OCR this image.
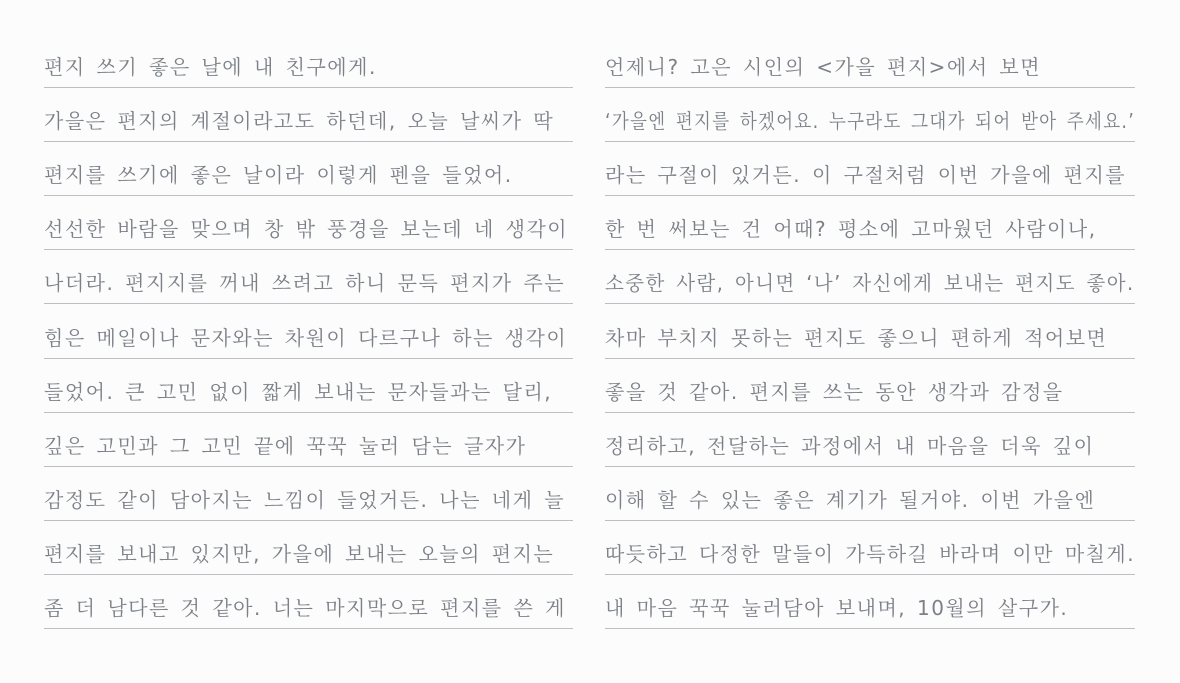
편지 쓰기 좋은 날에 내 친구에게.
가을은 편지의 계절이라고도 하던데, 오늘 날씨가 딱
편지를 쓰기에 좋은 날이라 이렇게 펜을 들었어.
선선한 바람을 맞으며 창 밖 풍경을 보는데 네 생각이
나더라. 편지지를 꺼내 쓰려고 하니 문득 편지가 주는
힘은 메일이나 문자와는 차원이 다르구나 하는 생각이
들었어. 큰 고민 없이 짧게 보내는 문자들과는 달리,
깊은 고민과 그 고민 끝에 꾹꾹 눌러 담는 글자가
감정도 같이 담아지는 느낌이 들었거든. 나는 네게 늘
편지를 보내고 있지만, 가을에 보내는 오늘의 편지는
좀 더 남다른 것 같아. 너는 마지막으로 편지를 쓴 게
언제니? 고은 시인의 <가을 편지>에서 보면
‘가을엔 편지를 하겠어요. 누구라도 그대가 되어 받아 주세요.’
라는 구절이 있거든. 이 구절처럼 이번 가을에 편지를
한 번 써보는 건 어때? 평소에 고마웠던 사람이나,
소중한 사람, 아니면 ‘나’ 자신에게 보내는 편지도 좋아.
차마 부치지 못하는 편지도 좋으니 편하게 적어보면
좋을 것 같아. 편지를 쓰는 동안 생각과 감정을
정리하고, 전달하는 과정에서 내 마음을 더욱 깊이
이해 할 수 있는 좋은 계기가 될거야. 이번 가을엔
따듯하고 다정한 말들이 가득하길 바라며 이만 마칠게.
내 마음 꾹꾹 눌러담아 보내며, 10월의 살구가.
